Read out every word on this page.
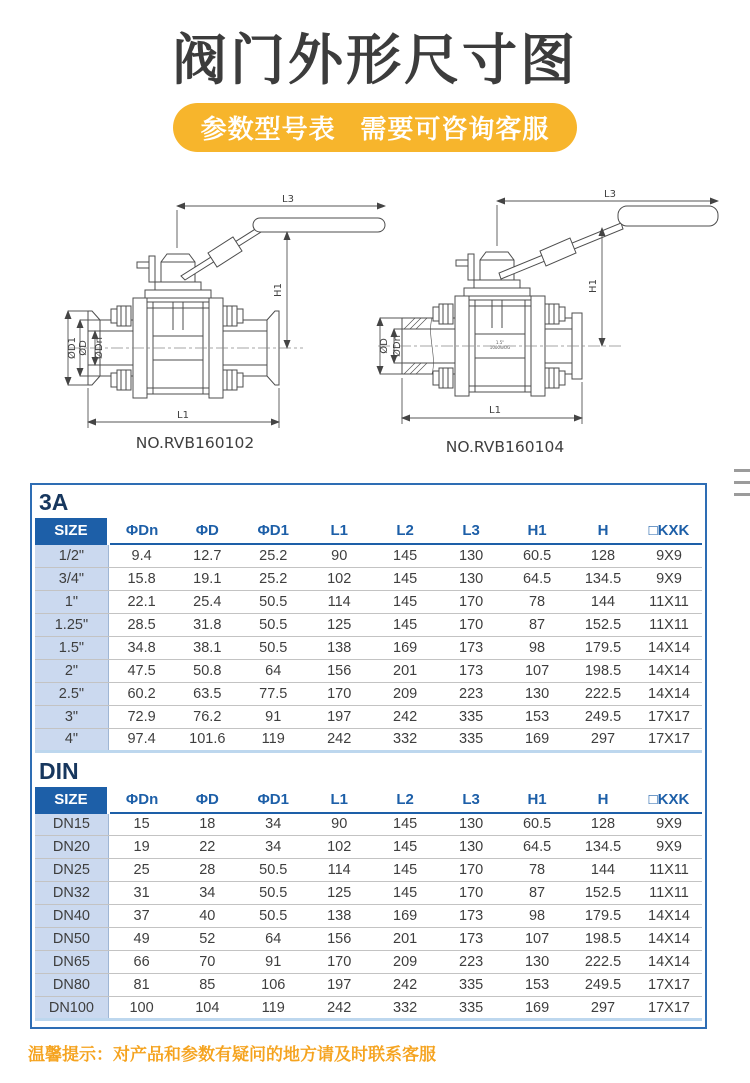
阀门外形尺寸图
参数型号表   需要可咨询客服
L3
H1
L1
ØD1 ØD ØDn
NO.RVB160102
1.5"
1000WOG
L3
H1
L1
ØD ØDn
NO.RVB160104
3A
SIZE	ΦDn	ΦD	ΦD1	L1	L2	L3	H1	H	□KXK
1/2"	9.4	12.7	25.2	90	145	130	60.5	128	9X9
3/4"	15.8	19.1	25.2	102	145	130	64.5	134.5	9X9
1"	22.1	25.4	50.5	114	145	170	78	144	11X11
1.25"	28.5	31.8	50.5	125	145	170	87	152.5	11X11
1.5"	34.8	38.1	50.5	138	169	173	98	179.5	14X14
2"	47.5	50.8	64	156	201	173	107	198.5	14X14
2.5"	60.2	63.5	77.5	170	209	223	130	222.5	14X14
3"	72.9	76.2	91	197	242	335	153	249.5	17X17
4"	97.4	101.6	119	242	332	335	169	297	17X17
DIN
SIZE	ΦDn	ΦD	ΦD1	L1	L2	L3	H1	H	□KXK
DN15	15	18	34	90	145	130	60.5	128	9X9
DN20	19	22	34	102	145	130	64.5	134.5	9X9
DN25	25	28	50.5	114	145	170	78	144	11X11
DN32	31	34	50.5	125	145	170	87	152.5	11X11
DN40	37	40	50.5	138	169	173	98	179.5	14X14
DN50	49	52	64	156	201	173	107	198.5	14X14
DN65	66	70	91	170	209	223	130	222.5	14X14
DN80	81	85	106	197	242	335	153	249.5	17X17
DN100	100	104	119	242	332	335	169	297	17X17
温馨提示：对产品和参数有疑问的地方请及时联系客服
